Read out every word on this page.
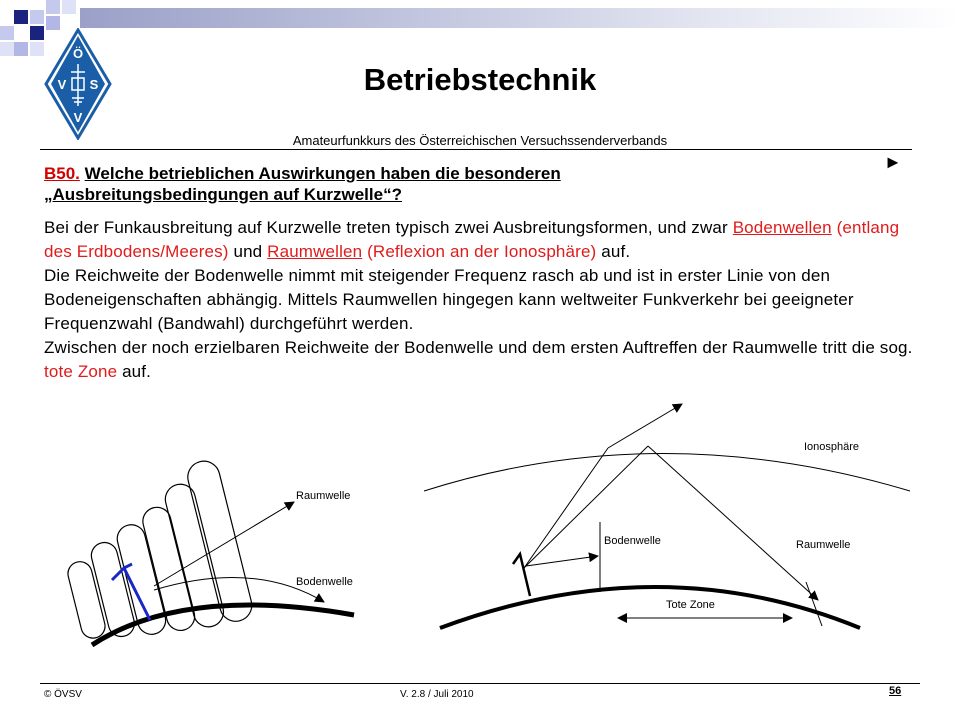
Ö
V S
V
Betriebstechnik
Amateurfunkkurs des Österreichischen Versuchssenderverbands
►
B50. Welche betrieblichen Auswirkungen haben die besonderen
„Ausbreitungsbedingungen auf Kurzwelle“?

Bei der Funkausbreitung auf Kurzwelle treten typisch zwei Ausbreitungsformen, und zwar Bodenwellen (entlang des Erdbodens/Meeres) und Raumwellen (Reflexion an der Ionosphäre) auf.

Die Reichweite der Bodenwelle nimmt mit steigender Frequenz rasch ab und ist in erster Linie von den Bodeneigenschaften abhängig. Mittels Raumwellen hingegen kann weltweiter Funkverkehr bei geeigneter Frequenzwahl (Bandwahl) durchgeführt werden.

Zwischen der noch erzielbaren Reichweite der Bodenwelle und dem ersten Auftreffen der Raumwelle tritt die sog. tote Zone auf.

Raumwelle
Bodenwelle
Ionosphäre
Bodenwelle	Raumwelle
Tote Zone
© ÖVSV	V. 2.8 / Juli 2010	56
